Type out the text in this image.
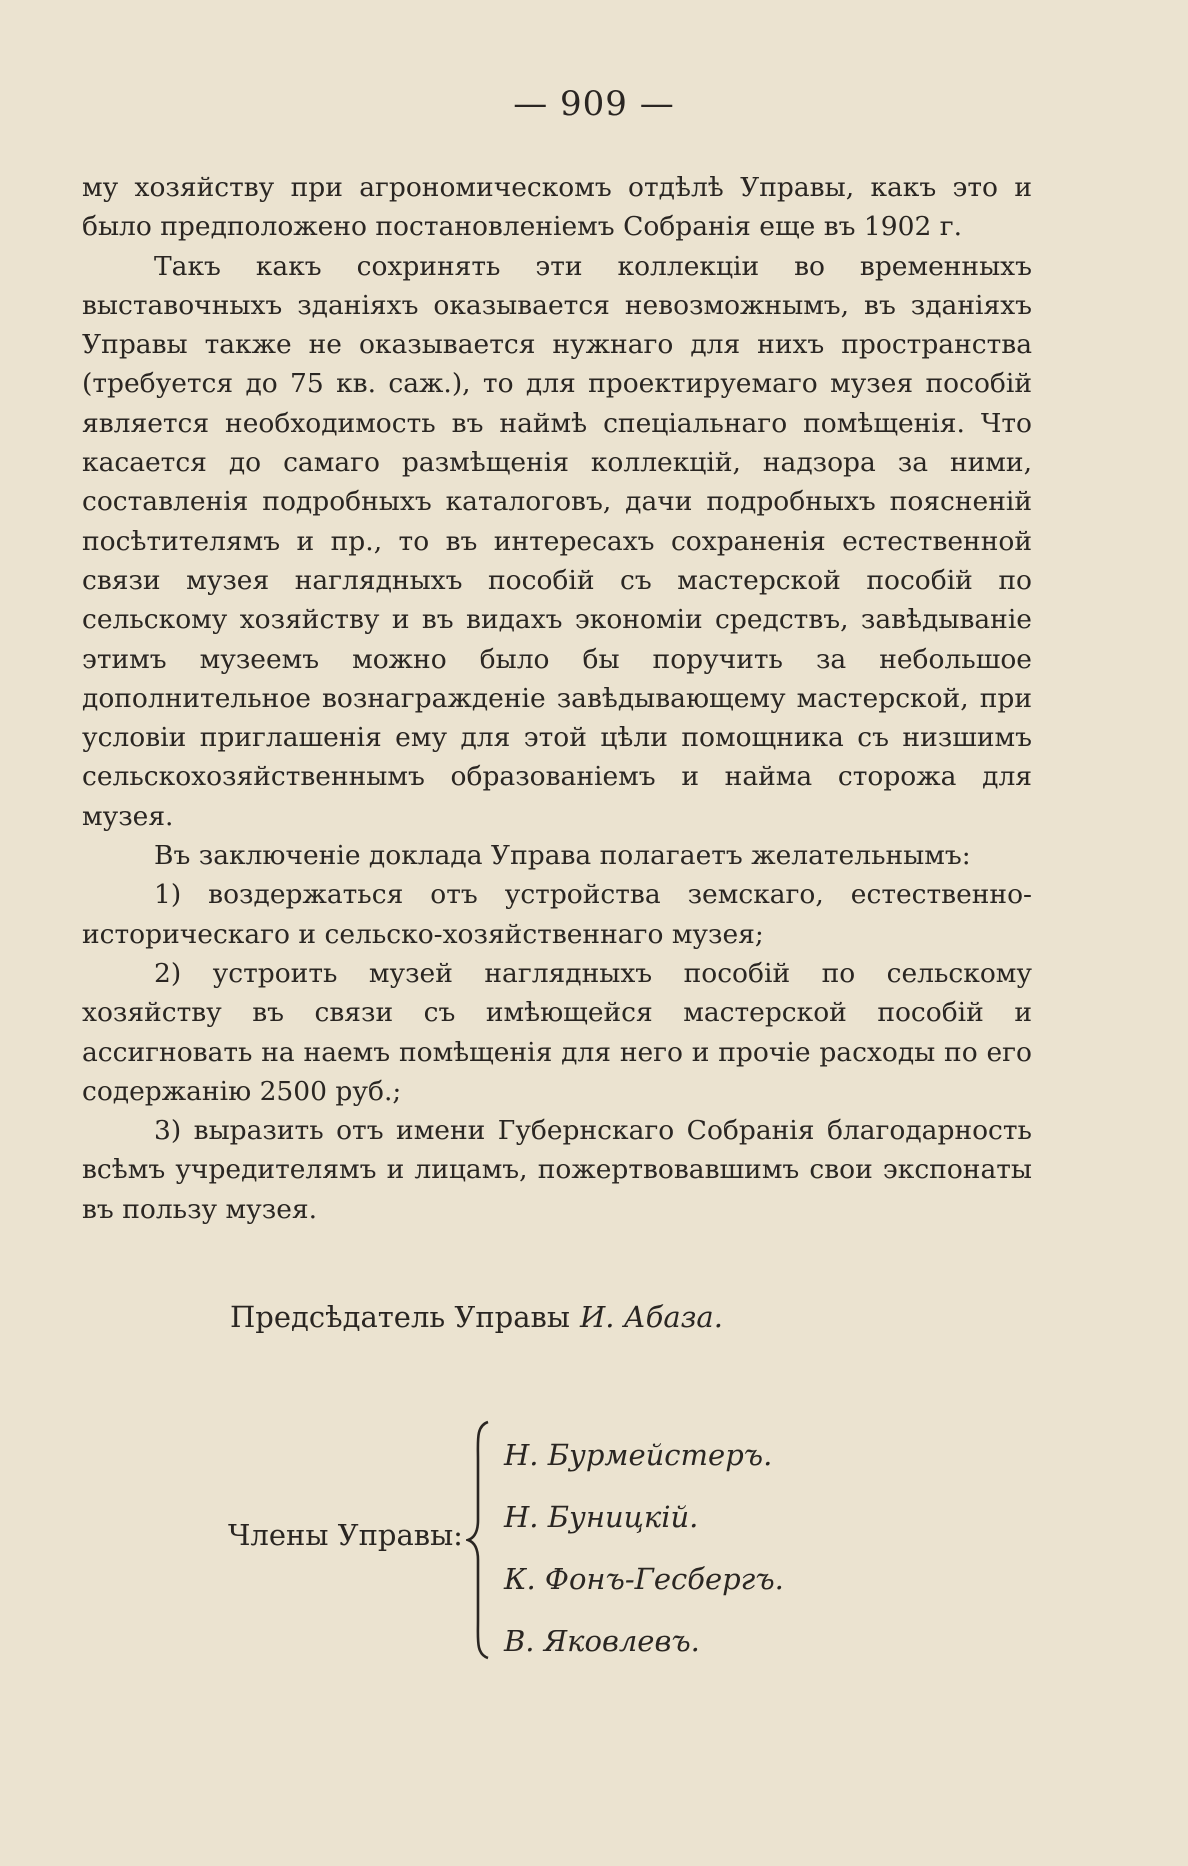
— 909 —

му хозяйству при агрономическомъ отдѣлѣ Управы, какъ это и было предположено постановленіемъ Собранія еще въ 1902 г.

Такъ какъ сохринять эти коллекціи во временныхъ выставочныхъ зданіяхъ оказывается невозможнымъ, въ зданіяхъ Управы также не оказывается нужнаго для нихъ пространства (требуется до 75 кв. саж.), то для проектируемаго музея пособій является необходимость въ наймѣ спеціальнаго помѣщенія. Что касается до самаго размѣщенія коллекцій, надзора за ними, составленія подробныхъ каталоговъ, дачи подробныхъ поясненій посѣтителямъ и пр., то въ интересахъ сохраненія естественной связи музея наглядныхъ пособій съ мастерской пособій по сельскому хозяйству и въ видахъ экономіи средствъ, завѣдываніе этимъ музеемъ можно было бы поручить за небольшое дополнительное вознагражденіе завѣдывающему мастерской, при условіи приглашенія ему для этой цѣли помощника съ низшимъ сельскохозяйственнымъ образованіемъ и найма сторожа для музея.

Въ заключеніе доклада Управа полагаетъ желательнымъ:

1) воздержаться отъ устройства земскаго, естественно-историческаго и сельско-хозяйственнаго музея;

2) устроить музей наглядныхъ пособій по сельскому хозяйству въ связи съ имѣющейся мастерской пособій и ассигновать на наемъ помѣщенія для него и прочіе расходы по его содержанію 2500 руб.;

3) выразить отъ имени Губернскаго Собранія благодарность всѣмъ учредителямъ и лицамъ, пожертвовавшимъ свои экспонаты въ пользу музея.

Предсѣдатель Управы И. Абаза.
Члены Управы:
Н. Бурмейстеръ.
Н. Буницкій.
К. Фонъ-Гесбергъ.
В. Яковлевъ.
